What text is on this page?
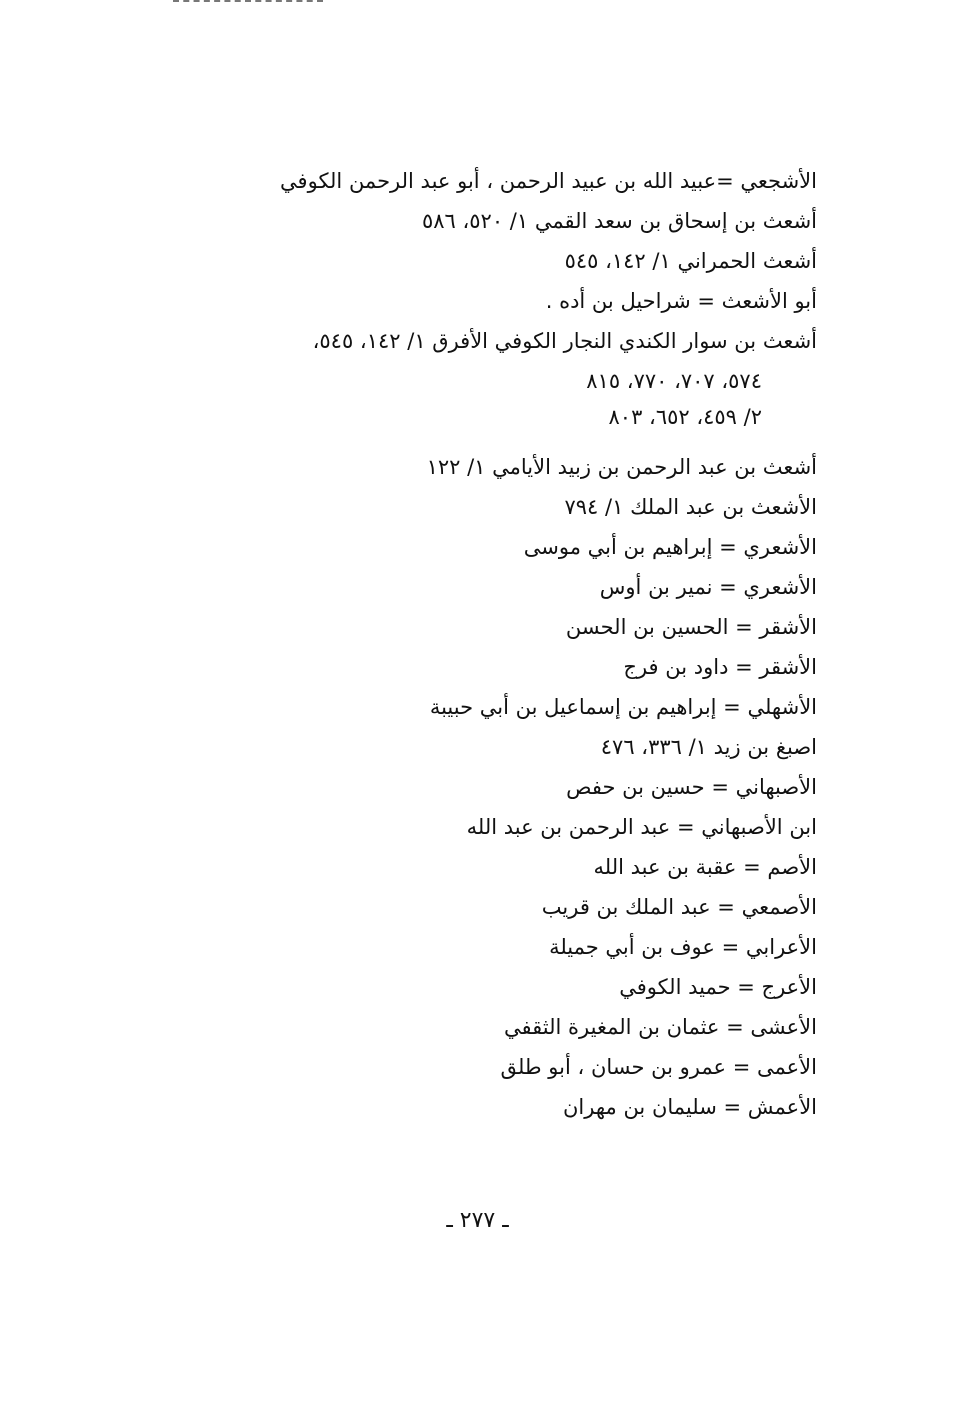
الأشجعي =عبيد الله بن عبيد الرحمن ، أبو عبد الرحمن الكوفي
أشعث بن إسحاق بن سعد القمي ١/ ٥٢٠، ٥٨٦
أشعث الحمراني ١/ ١٤٢، ٥٤٥
أبو الأشعث = شراحيل بن أده .
أشعث بن سوار الكندي النجار الكوفي الأفرق ١/ ١٤٢، ٥٤٥،
٥٧٤، ٧٠٧، ٧٧٠، ٨١٥
٢/ ٤٥٩، ٦٥٢، ٨٠٣
أشعث بن عبد الرحمن بن زبيد الأيامي ١/ ١٢٢
الأشعث بن عبد الملك ١/ ٧٩٤
الأشعري = إبراهيم بن أبي موسى
الأشعري = نمير بن أوس
الأشقر = الحسين بن الحسن
الأشقر = داود بن فرج
الأشهلي = إبراهيم بن إسماعيل بن أبي حبيبة
اصبغ بن زيد ١/ ٣٣٦، ٤٧٦
الأصبهاني = حسين بن حفص
ابن الأصبهاني = عبد الرحمن بن عبد الله
الأصم = عقبة بن عبد الله
الأصمعي = عبد الملك بن قريب
الأعرابي = عوف بن أبي جميلة
الأعرج = حميد الكوفي
الأعشى = عثمان بن المغيرة الثقفي
الأعمى = عمرو بن حسان ، أبو طلق
الأعمش = سليمان بن مهران
ـ ٢٧٧ ـ
